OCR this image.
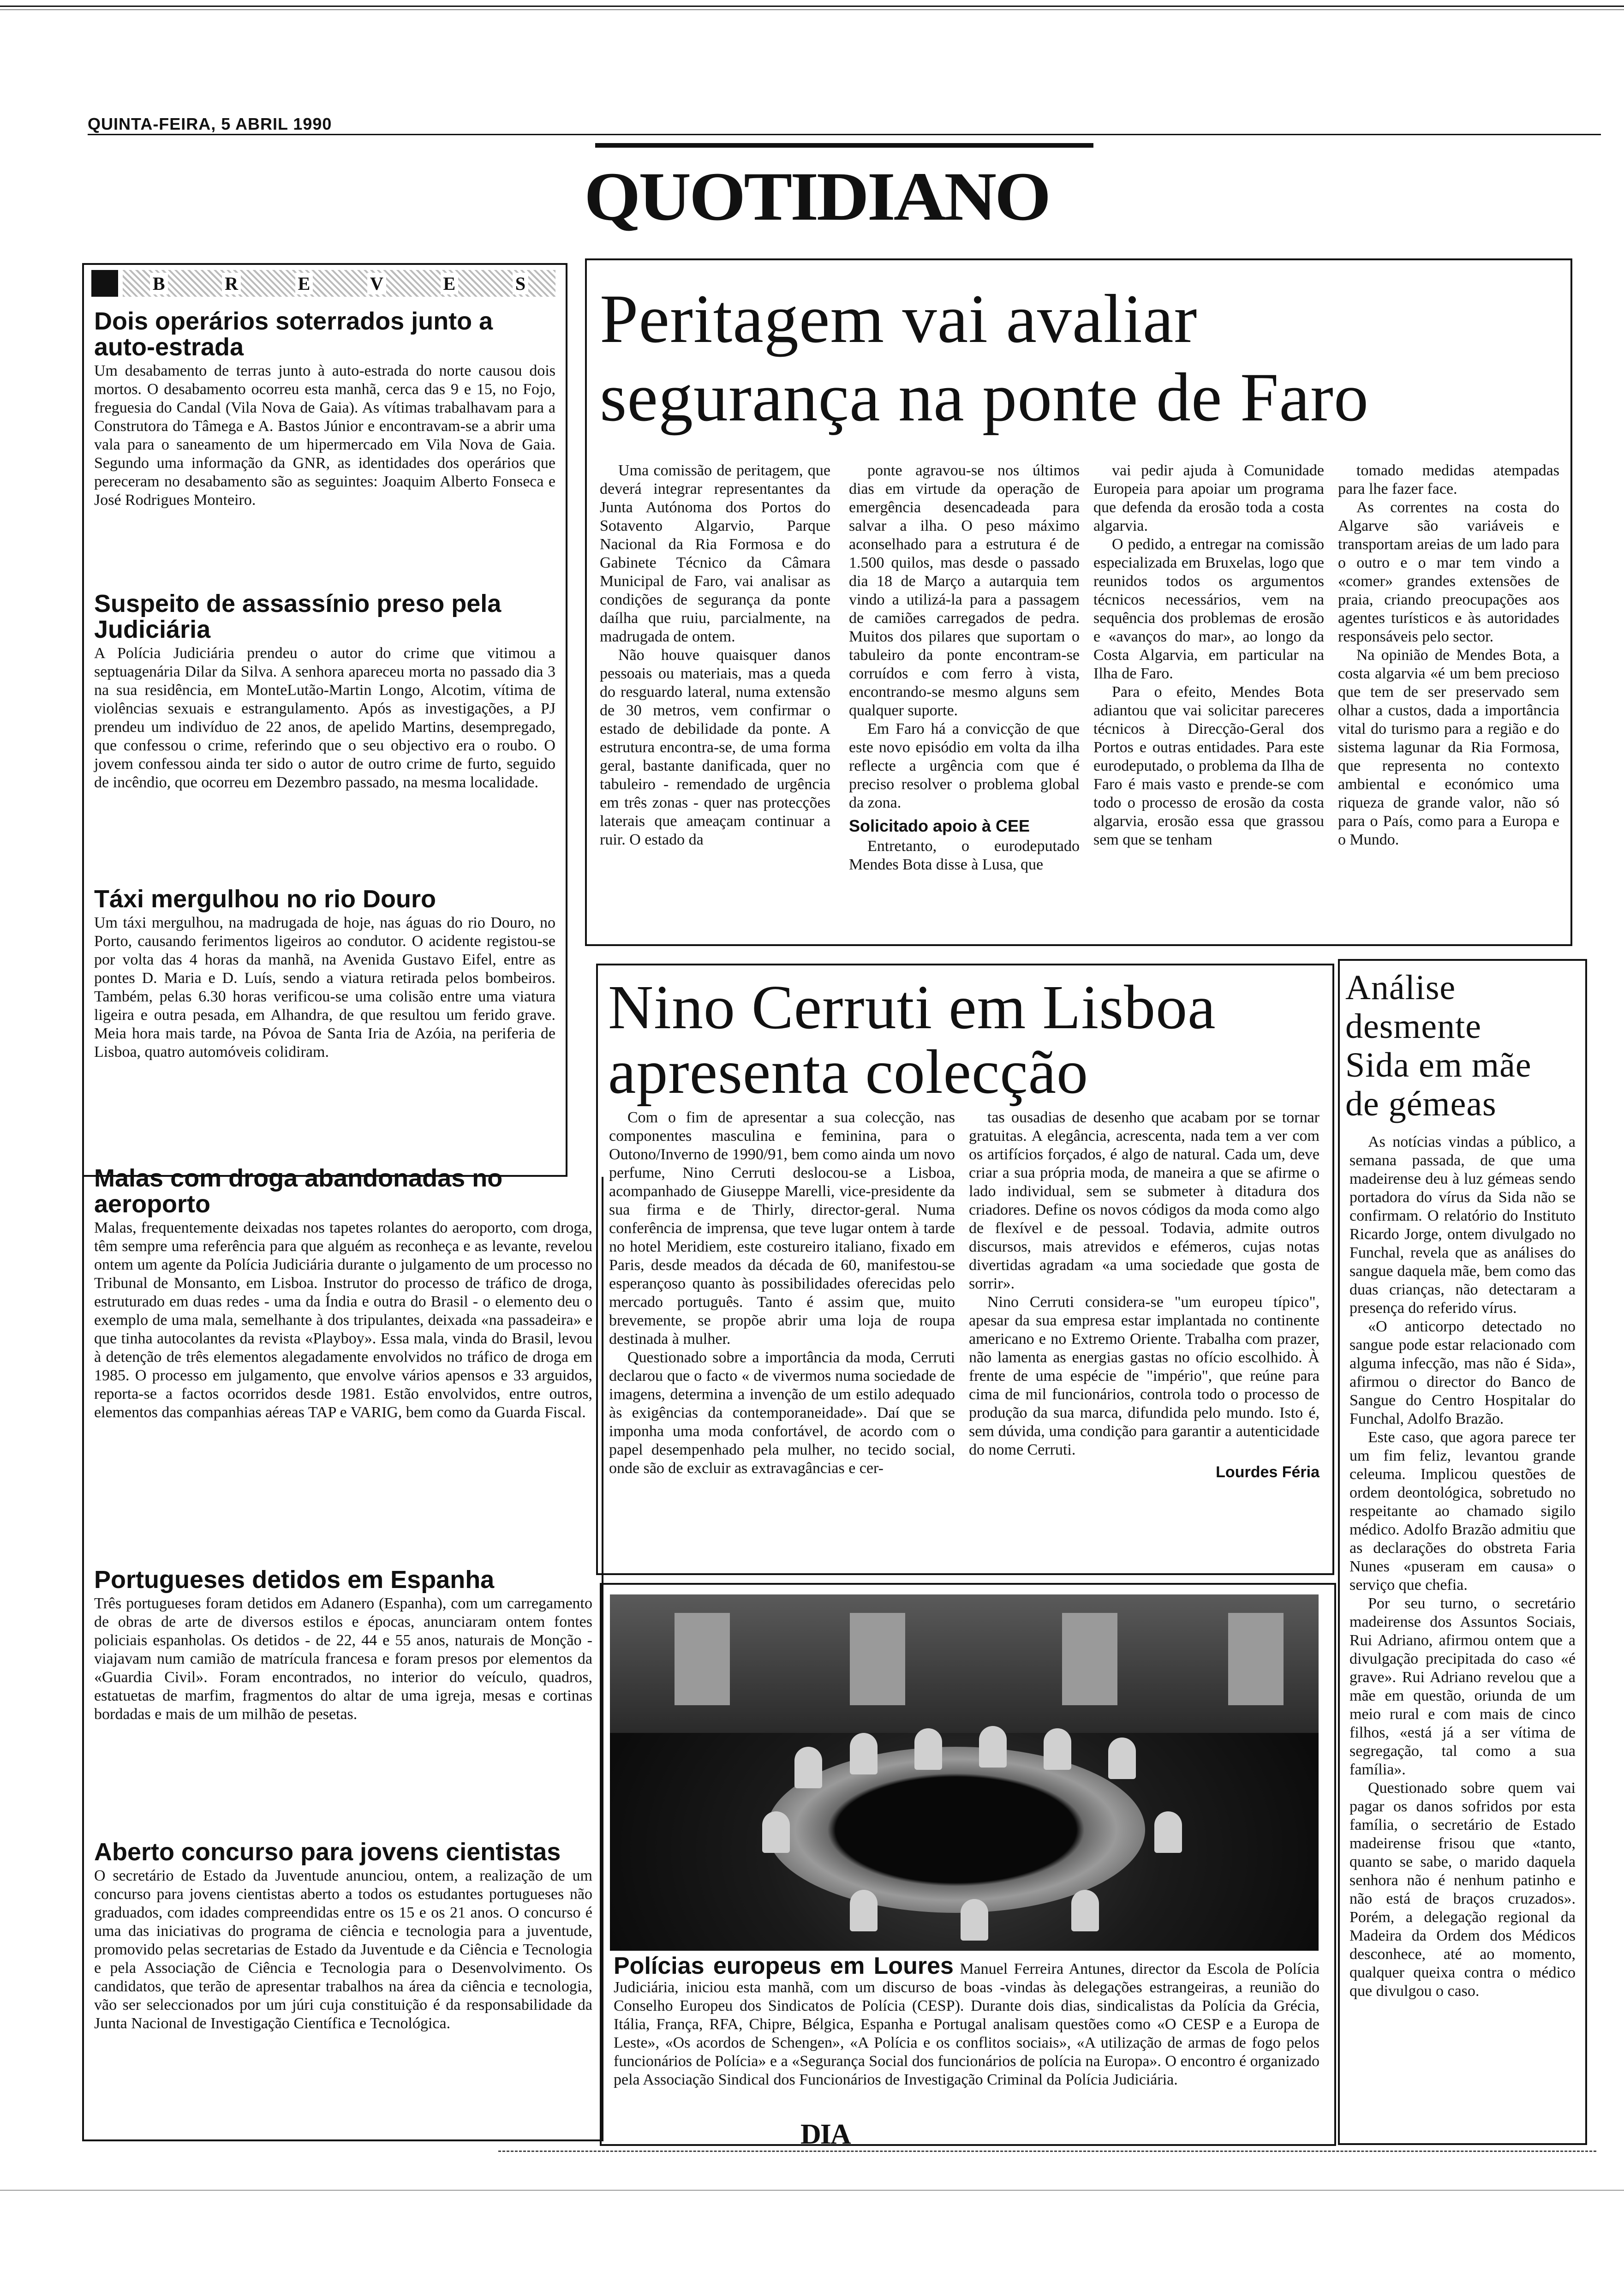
QUINTA-FEIRA, 5 ABRIL 1990
QUOTIDIANO
B	R	E	V	E	S
Dois operários soterrados junto a auto-estrada

Um desabamento de terras junto à auto-estrada do norte causou dois mortos. O desabamento ocorreu esta manhã, cerca das 9 e 15, no Fojo, freguesia do Candal (Vila Nova de Gaia). As vítimas trabalhavam para a Construtora do Tâmega e A. Bastos Júnior e encontravam-se a abrir uma vala para o saneamento de um hipermercado em Vila Nova de Gaia. Segundo uma informação da GNR, as identidades dos operários que pereceram no desabamento são as seguintes: Joaquim Alberto Fonseca e José Rodrigues Monteiro.

Suspeito de assassínio preso pela Judiciária

A Polícia Judiciária prendeu o autor do crime que vitimou a septuagenária Dilar da Silva. A senhora apareceu morta no passado dia 3 na sua residência, em MonteLutão-Martin Longo, Alcotim, vítima de violências sexuais e estrangulamento. Após as investigações, a PJ prendeu um indivíduo de 22 anos, de apelido Martins, desempregado, que confessou o crime, referindo que o seu objectivo era o roubo. O jovem confessou ainda ter sido o autor de outro crime de furto, seguido de incêndio, que ocorreu em Dezembro passado, na mesma localidade.

Táxi mergulhou no rio Douro

Um táxi mergulhou, na madrugada de hoje, nas águas do rio Douro, no Porto, causando ferimentos ligeiros ao condutor. O acidente registou-se por volta das 4 horas da manhã, na Avenida Gustavo Eifel, entre as pontes D. Maria e D. Luís, sendo a viatura retirada pelos bombeiros. Também, pelas 6.30 horas verificou-se uma colisão entre uma viatura ligeira e outra pesada, em Alhandra, de que resultou um ferido grave. Meia hora mais tarde, na Póvoa de Santa Iria de Azóia, na periferia de Lisboa, quatro automóveis colidiram.

Malas com droga abandonadas no aeroporto

Malas, frequentemente deixadas nos tapetes rolantes do aeroporto, com droga, têm sempre uma referência para que alguém as reconheça e as levante, revelou ontem um agente da Polícia Judiciária durante o julgamento de um processo no Tribunal de Monsanto, em Lisboa. Instrutor do processo de tráfico de droga, estruturado em duas redes - uma da Índia e outra do Brasil - o elemento deu o exemplo de uma mala, semelhante à dos tripulantes, deixada «na passadeira» e que tinha autocolantes da revista «Playboy». Essa mala, vinda do Brasil, levou à detenção de três elementos alegadamente envolvidos no tráfico de droga em 1985. O processo em julgamento, que envolve vários apensos e 33 arguidos, reporta-se a factos ocorridos desde 1981. Estão envolvidos, entre outros, elementos das companhias aéreas TAP e VARIG, bem como da Guarda Fiscal.

Portugueses detidos em Espanha

Três portugueses foram detidos em Adanero (Espanha), com um carregamento de obras de arte de diversos estilos e épocas, anunciaram ontem fontes policiais espanholas. Os detidos - de 22, 44 e 55 anos, naturais de Monção - viajavam num camião de matrícula francesa e foram presos por elementos da «Guardia Civil». Foram encontrados, no interior do veículo, quadros, estatuetas de marfim, fragmentos do altar de uma igreja, mesas e cortinas bordadas e mais de um milhão de pesetas.

Aberto concurso para jovens cientistas

O secretário de Estado da Juventude anunciou, ontem, a realização de um concurso para jovens cientistas aberto a todos os estudantes portugueses não graduados, com idades compreendidas entre os 15 e os 21 anos. O concurso é uma das iniciativas do programa de ciência e tecnologia para a juventude, promovido pelas secretarias de Estado da Juventude e da Ciência e Tecnologia e pela Associação de Ciência e Tecnologia para o Desenvolvimento. Os candidatos, que terão de apresentar trabalhos na área da ciência e tecnologia, vão ser seleccionados por um júri cuja constituição é da responsabilidade da Junta Nacional de Investigação Científica e Tecnológica.

Peritagem vai avaliar
segurança na ponte de Faro

Uma comissão de peritagem, que deverá integrar representantes da Junta Autónoma dos Portos do Sotavento Algarvio, Parque Nacional da Ria Formosa e do Gabinete Técnico da Câmara Municipal de Faro, vai analisar as condições de segurança da ponte daílha que ruiu, parcialmente, na madrugada de ontem.

Não houve quaisquer danos pessoais ou materiais, mas a queda do resguardo lateral, numa extensão de 30 metros, vem confirmar o estado de debilidade da ponte. A estrutura encontra-se, de uma forma geral, bastante danificada, quer no tabuleiro - remendado de urgência em três zonas - quer nas protecções laterais que ameaçam continuar a ruir. O estado da

ponte agravou-se nos últimos dias em virtude da operação de emergência desencadeada para salvar a ilha. O peso máximo aconselhado para a estrutura é de 1.500 quilos, mas desde o passado dia 18 de Março a autarquia tem vindo a utilizá-la para a passagem de camiões carregados de pedra. Muitos dos pilares que suportam o tabuleiro da ponte encontram-se corruídos e com ferro à vista, encontrando-se mesmo alguns sem qualquer suporte.

Em Faro há a convicção de que este novo episódio em volta da ilha reflecte a urgência com que é preciso resolver o problema global da zona.

Solicitado apoio à CEE

Entretanto, o eurodeputado Mendes Bota disse à Lusa, que

vai pedir ajuda à Comunidade Europeia para apoiar um programa que defenda da erosão toda a costa algarvia.

O pedido, a entregar na comissão especializada em Bruxelas, logo que reunidos todos os argumentos técnicos necessários, vem na sequência dos problemas de erosão e «avanços do mar», ao longo da Costa Algarvia, em particular na Ilha de Faro.

Para o efeito, Mendes Bota adiantou que vai solicitar pareceres técnicos à Direcção-Geral dos Portos e outras entidades. Para este eurodeputado, o problema da Ilha de Faro é mais vasto e prende-se com todo o processo de erosão da costa algarvia, erosão essa que grassou sem que se tenham

tomado medidas atempadas para lhe fazer face.

As correntes na costa do Algarve são variáveis e transportam areias de um lado para o outro e o mar tem vindo a «comer» grandes extensões de praia, criando preocupações aos agentes turísticos e às autoridades responsáveis pelo sector.

Na opinião de Mendes Bota, a costa algarvia «é um bem precioso que tem de ser preservado sem olhar a custos, dada a importância vital do turismo para a região e do sistema lagunar da Ria Formosa, que representa no contexto ambiental e económico uma riqueza de grande valor, não só para o País, como para a Europa e o Mundo.

Nino Cerruti em Lisboa
apresenta colecção

Com o fim de apresentar a sua colecção, nas componentes masculina e feminina, para o Outono/Inverno de 1990/91, bem como ainda um novo perfume, Nino Cerruti deslocou-se a Lisboa, acompanhado de Giuseppe Marelli, vice-presidente da sua firma e de Thirly, director-geral. Numa conferência de imprensa, que teve lugar ontem à tarde no hotel Meridiem, este costureiro italiano, fixado em Paris, desde meados da década de 60, manifestou-se esperançoso quanto às possibilidades oferecidas pelo mercado português. Tanto é assim que, muito brevemente, se propõe abrir uma loja de roupa destinada à mulher.

Questionado sobre a importância da moda, Cerruti declarou que o facto « de vivermos numa sociedade de imagens, determina a invenção de um estilo adequado às exigências da contemporaneidade». Daí que se imponha uma moda confortável, de acordo com o papel desempenhado pela mulher, no tecido social, onde são de excluir as extravagâncias e cer-

tas ousadias de desenho que acabam por se tornar gratuitas. A elegância, acrescenta, nada tem a ver com os artifícios forçados, é algo de natural. Cada um, deve criar a sua própria moda, de maneira a que se afirme o lado individual, sem se submeter à ditadura dos criadores. Define os novos códigos da moda como algo de flexível e de pessoal. Todavia, admite outros discursos, mais atrevidos e efémeros, cujas notas divertidas agradam «a uma sociedade que gosta de sorrir».

Nino Cerruti considera-se "um europeu típico", apesar da sua empresa estar implantada no continente americano e no Extremo Oriente. Trabalha com prazer, não lamenta as energias gastas no ofício escolhido. À frente de uma espécie de "império", que reúne para cima de mil funcionários, controla todo o processo de produção da sua marca, difundida pelo mundo. Isto é, sem dúvida, uma condição para garantir a autenticidade do nome Cerruti.

Lourdes Féria
Polícias europeus em Loures Manuel Ferreira Antunes, director da Escola de Polícia Judiciária, iniciou esta manhã, com um discurso de boas -vindas às delegações estrangeiras, a reunião do Conselho Europeu dos Sindicatos de Polícia (CESP). Durante dois dias, sindicalistas da Polícia da Grécia, Itália, França, RFA, Chipre, Bélgica, Espanha e Portugal analisam questões como «O CESP e a Europa de Leste», «Os acordos de Schengen», «A Polícia e os conflitos sociais», «A utilização de armas de fogo pelos funcionários de Polícia» e a «Segurança Social dos funcionários de polícia na Europa». O encontro é organizado pela Associação Sindical dos Funcionários de Investigação Criminal da Polícia Judiciária.
Análise
desmente
Sida em mãe
de gémeas

As notícias vindas a público, a semana passada, de que uma madeirense deu à luz gémeas sendo portadora do vírus da Sida não se confirmam. O relatório do Instituto Ricardo Jorge, ontem divulgado no Funchal, revela que as análises do sangue daquela mãe, bem como das duas crianças, não detectaram a presença do referido vírus.

«O anticorpo detectado no sangue pode estar relacionado com alguma infecção, mas não é Sida», afirmou o director do Banco de Sangue do Centro Hospitalar do Funchal, Adolfo Brazão.

Este caso, que agora parece ter um fim feliz, levantou grande celeuma. Implicou questões de ordem deontológica, sobretudo no respeitante ao chamado sigilo médico. Adolfo Brazão admitiu que as declarações do obstreta Faria Nunes «puseram em causa» o serviço que chefia.

Por seu turno, o secretário madeirense dos Assuntos Sociais, Rui Adriano, afirmou ontem que a divulgação precipitada do caso «é grave». Rui Adriano revelou que a mãe em questão, oriunda de um meio rural e com mais de cinco filhos, «está já a ser vítima de segregação, tal como a sua família».

Questionado sobre quem vai pagar os danos sofridos por esta família, o secretário de Estado madeirense frisou que «tanto, quanto se sabe, o marido daquela senhora não é nenhum patinho e não está de braços cruzados». Porém, a delegação regional da Madeira da Ordem dos Médicos desconhece, até ao momento, qualquer queixa contra o médico que divulgou o caso.

DIA
